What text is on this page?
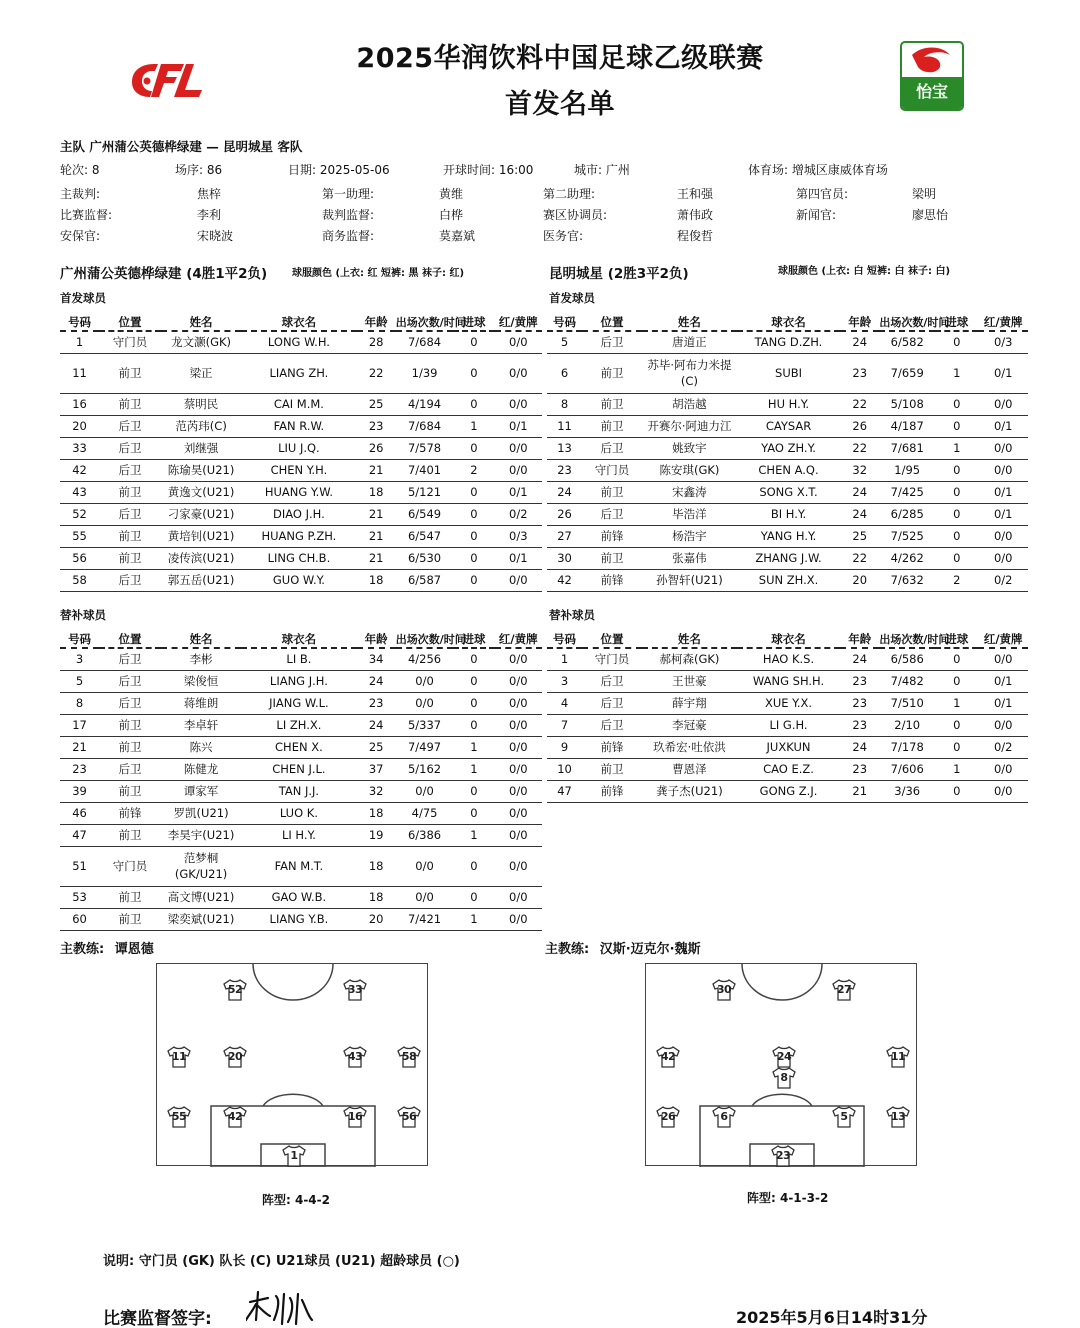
2025华润饮料中国足球乙级联赛
首发名单	怡宝
主队 广州蒲公英德桦绿建 — 昆明城星 客队
轮次: 8	场序: 86	日期: 2025-05-06	开球时间: 16:00	城市: 广州	体育场: 增城区康威体育场
主裁判:	焦梓	第一助理:	黄维	第二助理:	王和强	第四官员:	梁明
比赛监督:	李利	裁判监督:	白桦	赛区协调员:	萧伟政	新闻官:	廖思怡
安保官:	宋晓波	商务监督:	莫嘉斌	医务官:	程俊哲
广州蒲公英德桦绿建 (4胜1平2负) 球服颜色 (上衣: 红 短裤: 黑 袜子: 红)	昆明城星 (2胜3平2负)	球服颜色 (上衣: 白 短裤: 白 袜子: 白)
首发球员	首发球员
号码	位置	姓名	球衣名	年龄	出场次数/时间	进球	红/黄牌
1	守门员	龙文灏(GK)	LONG W.H.	28	7/684	0	0/0
11	前卫	梁正	LIANG ZH.	22	1/39	0	0/0
16	前卫	蔡明民	CAI M.M.	25	4/194	0	0/0
20	后卫	范芮玮(C)	FAN R.W.	23	7/684	1	0/1
33	后卫	刘继强	LIU J.Q.	26	7/578	0	0/0
42	后卫	陈瑜昊(U21)	CHEN Y.H.	21	7/401	2	0/0
43	前卫	黄逸文(U21)	HUANG Y.W.	18	5/121	0	0/1
52	后卫	刁家豪(U21)	DIAO J.H.	21	6/549	0	0/2
55	前卫	黄培钊(U21)	HUANG P.ZH.	21	6/547	0	0/3
56	前卫	凌传滨(U21)	LING CH.B.	21	6/530	0	0/1
58	后卫	郭五岳(U21)	GUO W.Y.	18	6/587	0	0/0
号码	位置	姓名	球衣名	年龄	出场次数/时间	进球	红/黄牌
5	后卫	唐道正	TANG D.ZH.	24	6/582	0	0/3
6	前卫	苏毕·阿布力米提(C)	SUBI	23	7/659	1	0/1
8	前卫	胡浩越	HU H.Y.	22	5/108	0	0/0
11	前卫	开赛尔·阿迪力江	CAYSAR	26	4/187	0	0/1
13	后卫	姚致宇	YAO ZH.Y.	22	7/681	1	0/0
23	守门员	陈安琪(GK)	CHEN A.Q.	32	1/95	0	0/0
24	前卫	宋鑫涛	SONG X.T.	24	7/425	0	0/1
26	后卫	毕浩洋	BI H.Y.	24	6/285	0	0/1
27	前锋	杨浩宇	YANG H.Y.	25	7/525	0	0/0
30	前卫	张嘉伟	ZHANG J.W.	22	4/262	0	0/0
42	前锋	孙智轩(U21)	SUN ZH.X.	20	7/632	2	0/2
替补球员	替补球员
号码	位置	姓名	球衣名	年龄	出场次数/时间	进球	红/黄牌
3	后卫	李彬	LI B.	34	4/256	0	0/0
5	后卫	梁俊恒	LIANG J.H.	24	0/0	0	0/0
8	后卫	蒋维朗	JIANG W.L.	23	0/0	0	0/0
17	前卫	李卓轩	LI ZH.X.	24	5/337	0	0/0
21	前卫	陈兴	CHEN X.	25	7/497	1	0/0
23	后卫	陈健龙	CHEN J.L.	37	5/162	1	0/0
39	前卫	谭家军	TAN J.J.	32	0/0	0	0/0
46	前锋	罗凯(U21)	LUO K.	18	4/75	0	0/0
47	前卫	李昊宇(U21)	LI H.Y.	19	6/386	1	0/0
51	守门员	范梦桐(GK/U21)	FAN M.T.	18	0/0	0	0/0
53	前卫	高文博(U21)	GAO W.B.	18	0/0	0	0/0
60	前卫	梁奕斌(U21)	LIANG Y.B.	20	7/421	1	0/0
号码	位置	姓名	球衣名	年龄	出场次数/时间	进球	红/黄牌
1	守门员	郝柯森(GK)	HAO K.S.	24	6/586	0	0/0
3	后卫	王世豪	WANG SH.H.	23	7/482	0	0/1
4	后卫	薛宇翔	XUE Y.X.	23	7/510	1	0/1
7	后卫	李冠豪	LI G.H.	23	2/10	0	0/0
9	前锋	玖希宏·吐依洪	JUXKUN	24	7/178	0	0/2
10	前卫	曹恩泽	CAO E.Z.	23	7/606	1	0/0
47	前锋	龚子杰(U21)	GONG Z.J.	21	3/36	0	0/0
主教练: 谭恩德	主教练: 汉斯·迈克尔·魏斯
52	33
11	20	43	58
55	42	16	56
1
30	27
42	24	11
8
26	6	5	13
23
阵型: 4-4-2	阵型: 4-1-3-2
说明: 守门员 (GK) 队长 (C) U21球员 (U21) 超龄球员 (○)
比赛监督签字:	2025年5月6日14时31分
